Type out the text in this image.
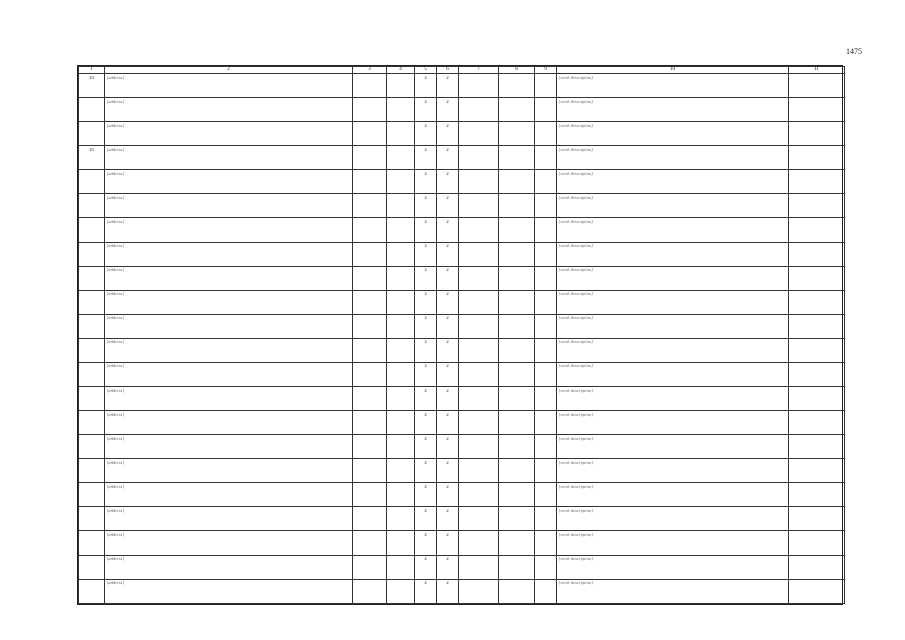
1475
1	2	3	4	5	6	7	8	9	10	11
23	[address]			2	2				[work description]	
	[address]			2	2				[work description]	
	[address]			2	2				[work description]	
25	[address]			2	2				[work description]	
	[address]			2	2				[work description]	
	[address]			2	2				[work description]	
	[address]			2	2				[work description]	
	[address]			2	2				[work description]	
	[address]			2	2				[work description]	
	[address]			2	2				[work description]	
	[address]			2	2				[work description]	
	[address]			2	2				[work description]	
	[address]			2	2				[work description]	
	[address]			2	2				[work description]	
	[address]			2	2				[work description]	
	[address]			2	2				[work description]	
	[address]			2	2				[work description]	
	[address]			2	2				[work description]	
	[address]			2	2				[work description]	
	[address]			2	2				[work description]	
	[address]			2	2				[work description]	
	[address]			2	2				[work description]	
